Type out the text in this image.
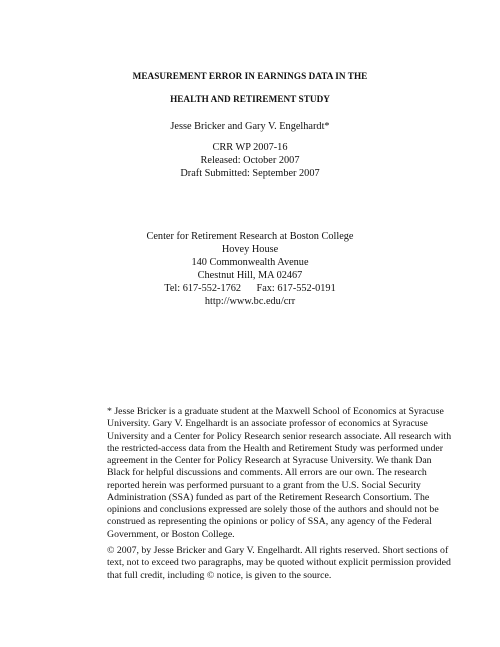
MEASUREMENT ERROR IN EARNINGS DATA IN THE
HEALTH AND RETIREMENT STUDY
Jesse Bricker and Gary V. Engelhardt*
CRR WP 2007-16
Released: October 2007
Draft Submitted: September 2007
Center for Retirement Research at Boston College
Hovey House
140 Commonwealth Avenue
Chestnut Hill, MA 02467
Tel: 617-552-1762      Fax: 617-552-0191
http://www.bc.edu/crr
* Jesse Bricker is a graduate student at the Maxwell School of Economics at Syracuse
University. Gary V. Engelhardt is an associate professor of economics at Syracuse
University and a Center for Policy Research senior research associate. All research with
the restricted-access data from the Health and Retirement Study was performed under
agreement in the Center for Policy Research at Syracuse University. We thank Dan
Black for helpful discussions and comments. All errors are our own. The research
reported herein was performed pursuant to a grant from the U.S. Social Security
Administration (SSA) funded as part of the Retirement Research Consortium. The
opinions and conclusions expressed are solely those of the authors and should not be
construed as representing the opinions or policy of SSA, any agency of the Federal
Government, or Boston College.
© 2007, by Jesse Bricker and Gary V. Engelhardt. All rights reserved. Short sections of
text, not to exceed two paragraphs, may be quoted without explicit permission provided
that full credit, including © notice, is given to the source.
